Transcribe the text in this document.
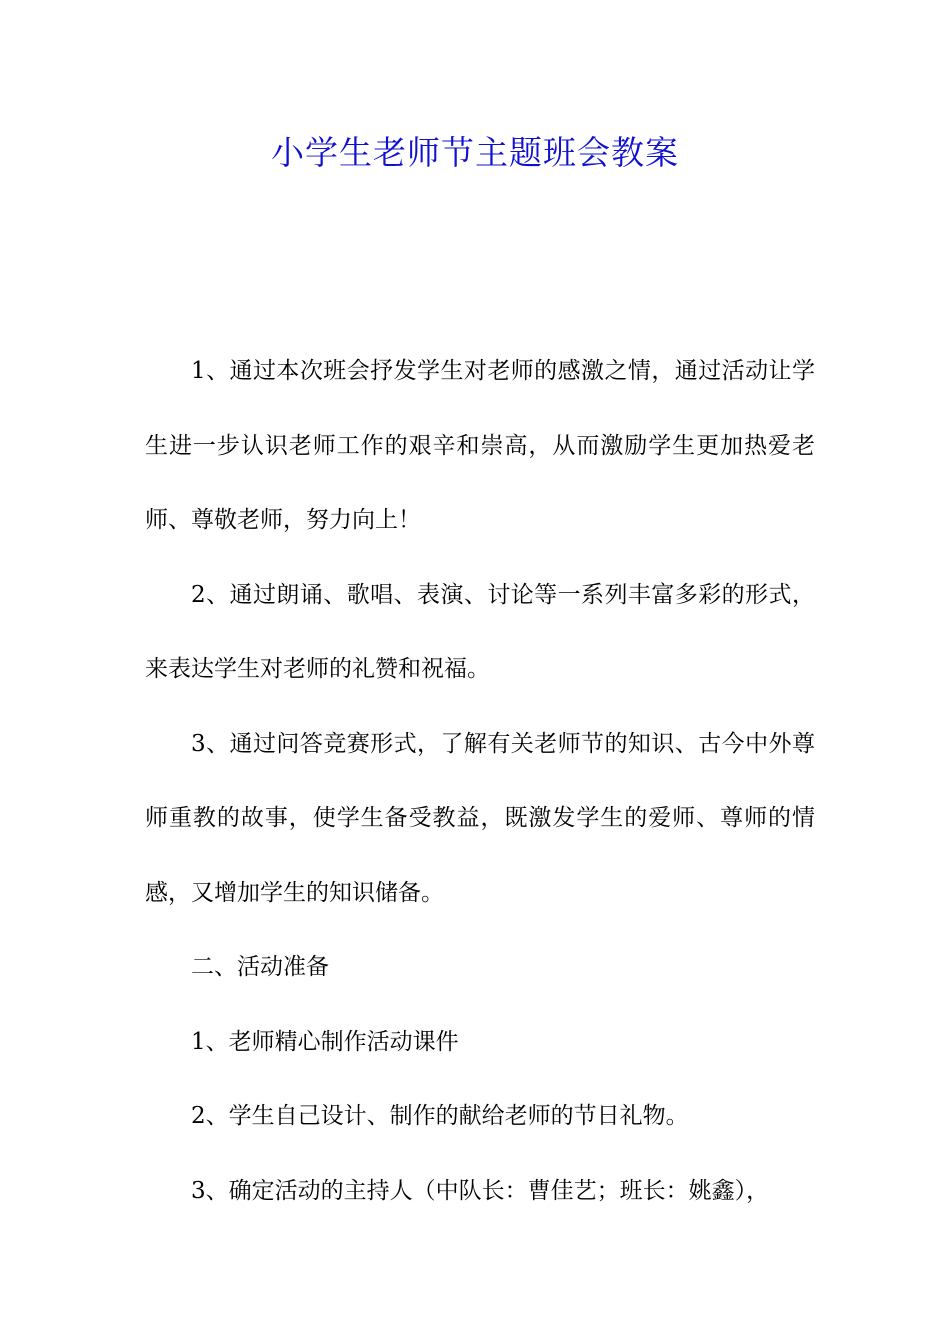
小学生老师节主题班会教案

1、通过本次班会抒发学生对老师的感激之情，通过活动让学生进一步认识老师工作的艰辛和崇高，从而激励学生更加热爱老师、尊敬老师，努力向上！

2、通过朗诵、歌唱、表演、讨论等一系列丰富多彩的形式，来表达学生对老师的礼赞和祝福。

3、通过问答竞赛形式，了解有关老师节的知识、古今中外尊师重教的故事，使学生备受教益，既激发学生的爱师、尊师的情感，又增加学生的知识储备。

二、活动准备

1、老师精心制作活动课件

2、学生自己设计、制作的献给老师的节日礼物。

3、确定活动的主持人（中队长：曹佳艺；班长：姚鑫），
